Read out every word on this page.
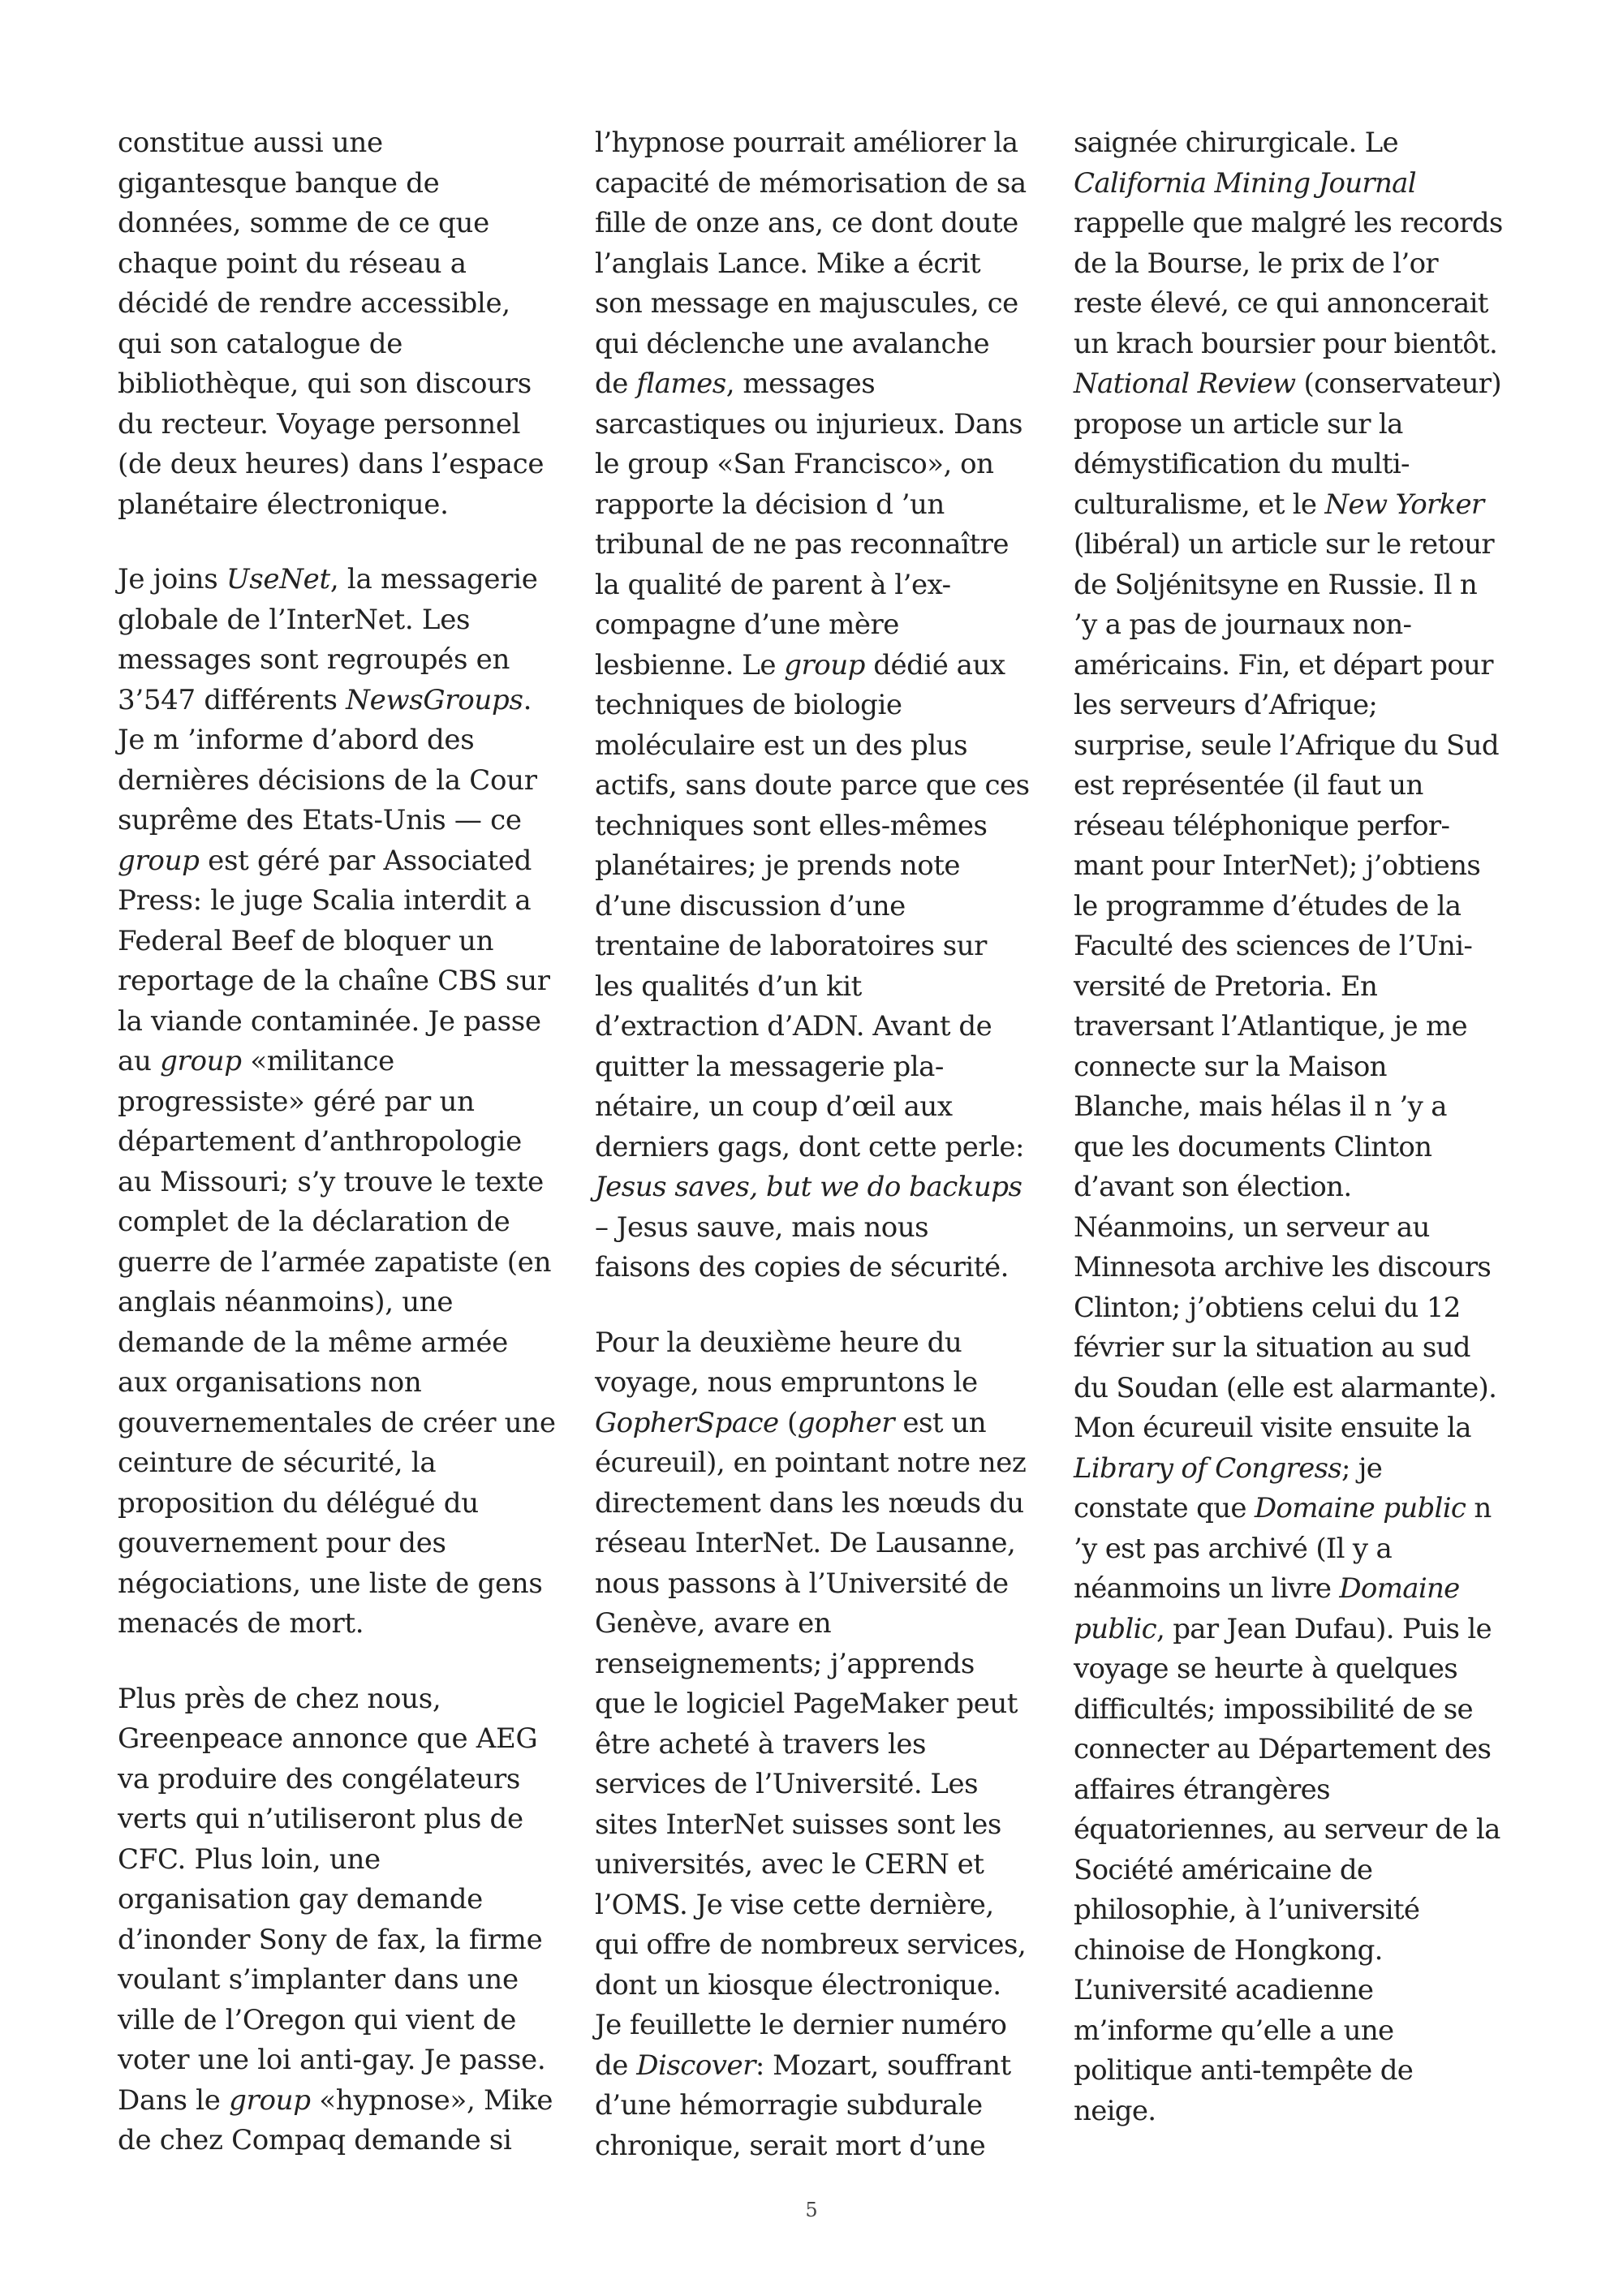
constitue aussi une
gigantesque banque de
données, somme de ce que
chaque point du réseau a
décidé de rendre accessible,
qui son catalogue de
bibliothèque, qui son discours
du recteur. Voyage personnel
(de deux heures) dans l’espace
planétaire électronique.
Je joins UseNet, la messagerie
globale de l’InterNet. Les
messages sont regroupés en
3’547 différents NewsGroups.
Je m ’informe d’abord des
dernières décisions de la Cour
suprême des Etats-Unis — ce
group est géré par Associated
Press: le juge Scalia interdit a
Federal Beef de bloquer un
reportage de la chaîne CBS sur
la viande contaminée. Je passe
au group «militance
progressiste» géré par un
département d’anthropologie
au Missouri; s’y trouve le texte
complet de la déclaration de
guerre de l’armée zapatiste (en
anglais néanmoins), une
demande de la même armée
aux organisations non
gouvernementales de créer une
ceinture de sécurité, la
proposition du délégué du
gouvernement pour des
négociations, une liste de gens
menacés de mort.
Plus près de chez nous,
Greenpeace annonce que AEG
va produire des congélateurs
verts qui n’utiliseront plus de
CFC. Plus loin, une
organisation gay demande
d’inonder Sony de fax, la firme
voulant s’implanter dans une
ville de l’Oregon qui vient de
voter une loi anti-gay. Je passe.
Dans le group «hypnose», Mike
de chez Compaq demande si
l’hypnose pourrait améliorer la
capacité de mémorisation de sa
fille de onze ans, ce dont doute
l’anglais Lance. Mike a écrit
son message en majuscules, ce
qui déclenche une avalanche
de flames, messages
sarcastiques ou injurieux. Dans
le group «San Francisco», on
rapporte la décision d ’un
tribunal de ne pas reconnaître
la qualité de parent à l’ex-
compagne d’une mère
lesbienne. Le group dédié aux
techniques de biologie
moléculaire est un des plus
actifs, sans doute parce que ces
techniques sont elles-mêmes
planétaires; je prends note
d’une discussion d’une
trentaine de laboratoires sur
les qualités d’un kit
d’extraction d’ADN. Avant de
quitter la messagerie pla-
nétaire, un coup d’œil aux
derniers gags, dont cette perle:
Jesus saves, but we do backups
– Jesus sauve, mais nous
faisons des copies de sécurité.
Pour la deuxième heure du
voyage, nous empruntons le
GopherSpace (gopher est un
écureuil), en pointant notre nez
directement dans les nœuds du
réseau InterNet. De Lausanne,
nous passons à l’Université de
Genève, avare en
renseignements; j’apprends
que le logiciel PageMaker peut
être acheté à travers les
services de l’Université. Les
sites InterNet suisses sont les
universités, avec le CERN et
l’OMS. Je vise cette dernière,
qui offre de nombreux services,
dont un kiosque électronique.
Je feuillette le dernier numéro
de Discover: Mozart, souffrant
d’une hémorragie subdurale
chronique, serait mort d’une
saignée chirurgicale. Le
California Mining Journal
rappelle que malgré les records
de la Bourse, le prix de l’or
reste élevé, ce qui annoncerait
un krach boursier pour bientôt.
National Review (conservateur)
propose un article sur la
démystification du multi-
culturalisme, et le New Yorker
(libéral) un article sur le retour
de Soljénitsyne en Russie. Il n
’y a pas de journaux non-
américains. Fin, et départ pour
les serveurs d’Afrique;
surprise, seule l’Afrique du Sud
est représentée (il faut un
réseau téléphonique perfor-
mant pour InterNet); j’obtiens
le programme d’études de la
Faculté des sciences de l’Uni-
versité de Pretoria. En
traversant l’Atlantique, je me
connecte sur la Maison
Blanche, mais hélas il n ’y a
que les documents Clinton
d’avant son élection.
Néanmoins, un serveur au
Minnesota archive les discours
Clinton; j’obtiens celui du 12
février sur la situation au sud
du Soudan (elle est alarmante).
Mon écureuil visite ensuite la
Library of Congress; je
constate que Domaine public n
’y est pas archivé (Il y a
néanmoins un livre Domaine
public, par Jean Dufau). Puis le
voyage se heurte à quelques
difficultés; impossibilité de se
connecter au Département des
affaires étrangères
équatoriennes, au serveur de la
Société américaine de
philosophie, à l’université
chinoise de Hongkong.
L’université acadienne
m’informe qu’elle a une
politique anti-tempête de
neige.
5
